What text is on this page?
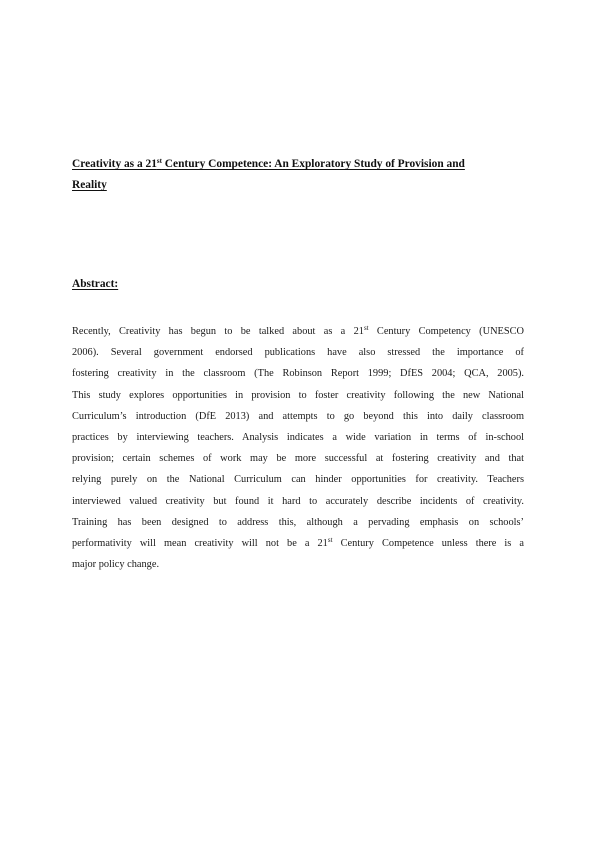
Creativity as a 21st Century Competence: An Exploratory Study of Provision and
Reality
Abstract:

Recently, Creativity has begun to be talked about as a 21st Century Competency (UNESCO
2006). Several government endorsed publications have also stressed the importance of
fostering creativity in the classroom (The Robinson Report 1999; DfES 2004; QCA, 2005).
This study explores opportunities in provision to foster creativity following the new National
Curriculum’s introduction (DfE 2013) and attempts to go beyond this into daily classroom
practices by interviewing teachers. Analysis indicates a wide variation in terms of in-school
provision; certain schemes of work may be more successful at fostering creativity and that
relying purely on the National Curriculum can hinder opportunities for creativity. Teachers
interviewed valued creativity but found it hard to accurately describe incidents of creativity.
Training has been designed to address this, although a pervading emphasis on schools’
performativity will mean creativity will not be a 21st Century Competence unless there is a
major policy change.
